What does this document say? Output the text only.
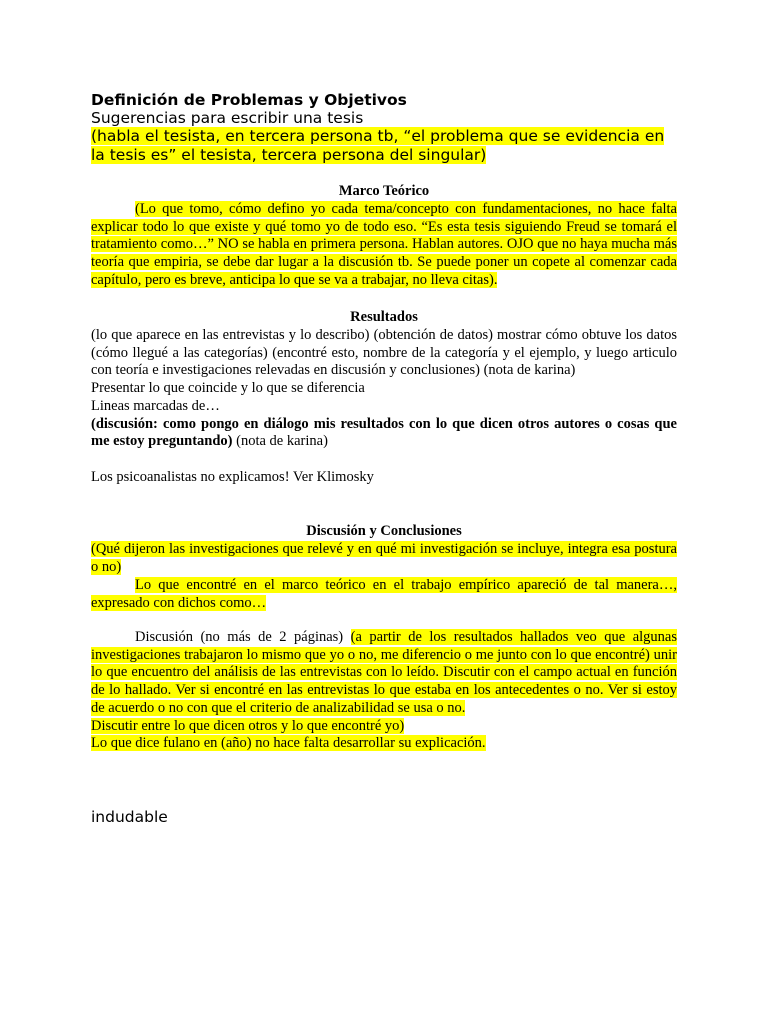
Definición de Problemas y Objetivos
Sugerencias para escribir una tesis
(habla el tesista, en tercera persona tb, “el problema que se evidencia en la tesis es” el tesista, tercera persona del singular)
Marco Teórico
(Lo que tomo, cómo defino yo cada tema/concepto con fundamentaciones, no hace falta explicar todo lo que existe y qué tomo yo de todo eso. “Es esta tesis siguiendo Freud se tomará el tratamiento como…” NO se habla en primera persona. Hablan autores. OJO que no haya mucha más teoría que empiria, se debe dar lugar a la discusión tb. Se puede poner un copete al comenzar cada capítulo, pero es breve, anticipa lo que se va a trabajar, no lleva citas).
Resultados
(lo que aparece en las entrevistas y lo describo) (obtención de datos) mostrar cómo obtuve los datos (cómo llegué a las categorías) (encontré esto, nombre de la categoría y el ejemplo, y luego articulo con teoría e investigaciones relevadas en discusión y conclusiones) (nota de karina)
Presentar lo que coincide y lo que se diferencia
Lineas marcadas de…
(discusión: como pongo en diálogo mis resultados con lo que dicen otros autores o cosas que me estoy preguntando) (nota de karina)
Los psicoanalistas no explicamos! Ver Klimosky
Discusión y Conclusiones
(Qué dijeron las investigaciones que relevé y en qué mi investigación se incluye, integra esa postura o no)
Lo que encontré en el marco teórico en el trabajo empírico apareció de tal manera…, expresado con dichos como…
Discusión (no más de 2 páginas) (a partir de los resultados hallados veo que algunas investigaciones trabajaron lo mismo que yo o no, me diferencio o me junto con lo que encontré) unir lo que encuentro del análisis de las entrevistas con lo leído. Discutir con el campo actual en función de lo hallado. Ver si encontré en las entrevistas lo que estaba en los antecedentes o no. Ver si estoy de acuerdo o no con que el criterio de analizabilidad se usa o no.
Discutir entre lo que dicen otros y lo que encontré yo)
Lo que dice fulano en (año) no hace falta desarrollar su explicación.
indudable
